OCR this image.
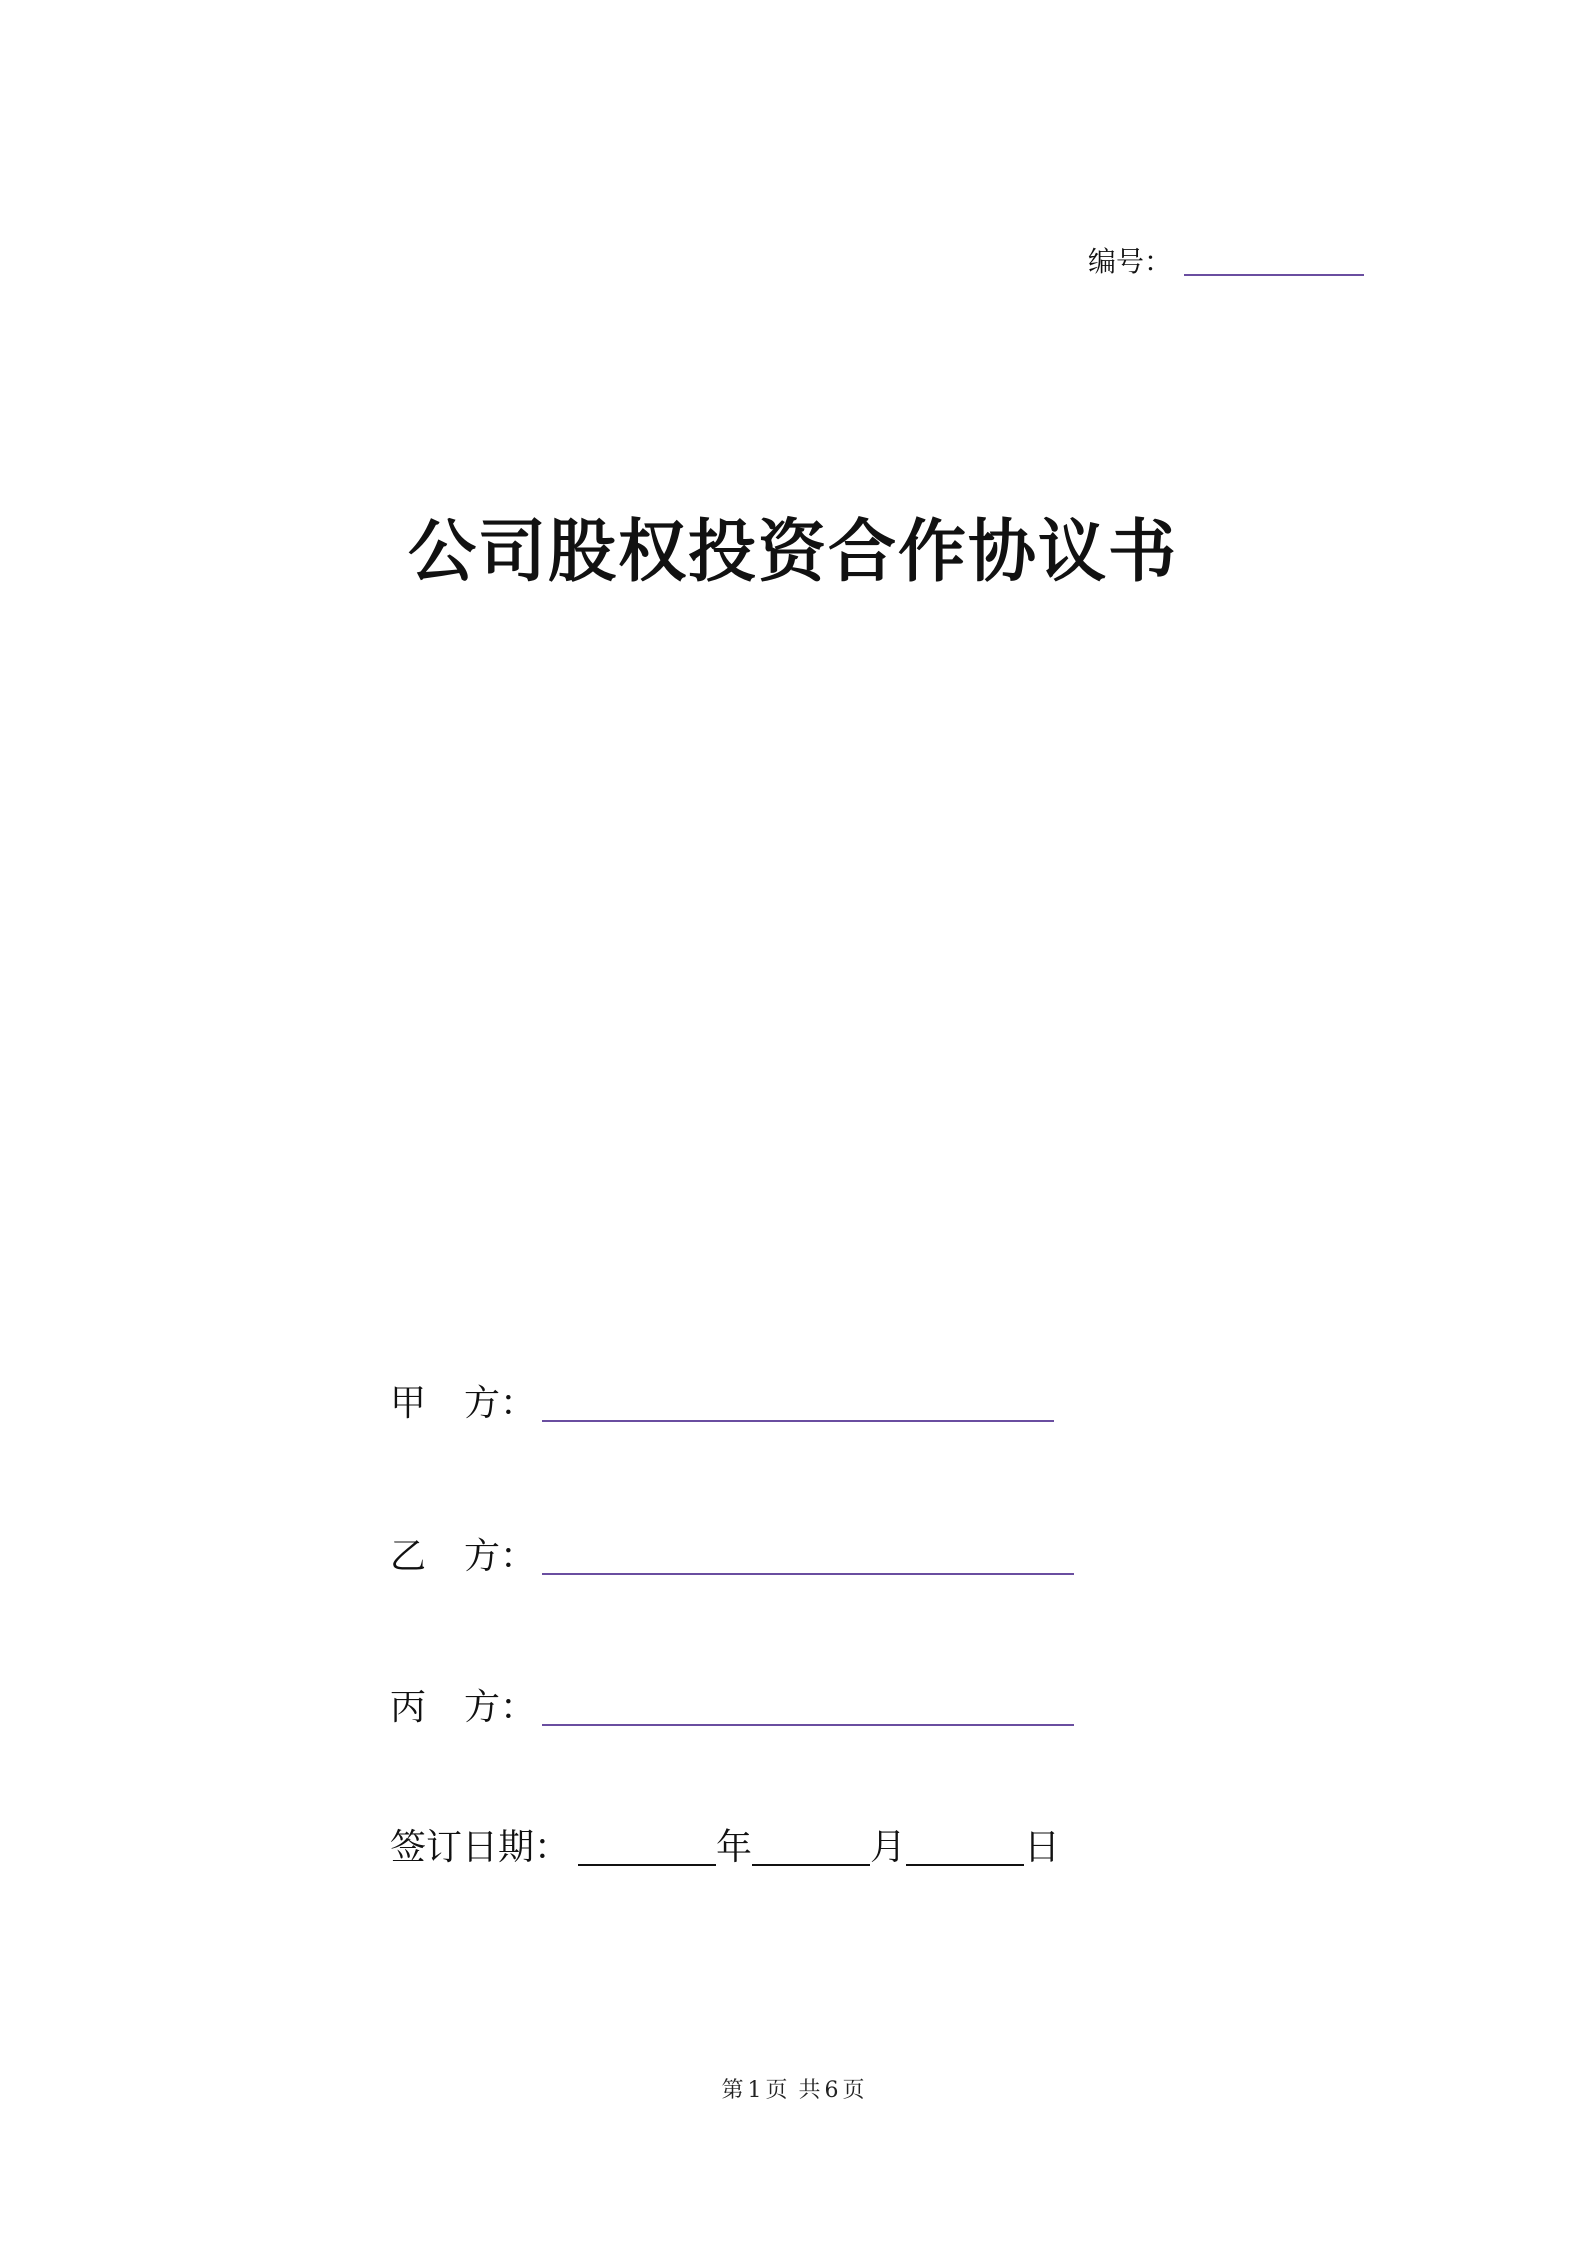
编号：
公司股权投资合作协议书
甲	方 ：
乙	方 ：
丙	方 ：
签订日期：	年	月	日
第 1 页 共 6 页
